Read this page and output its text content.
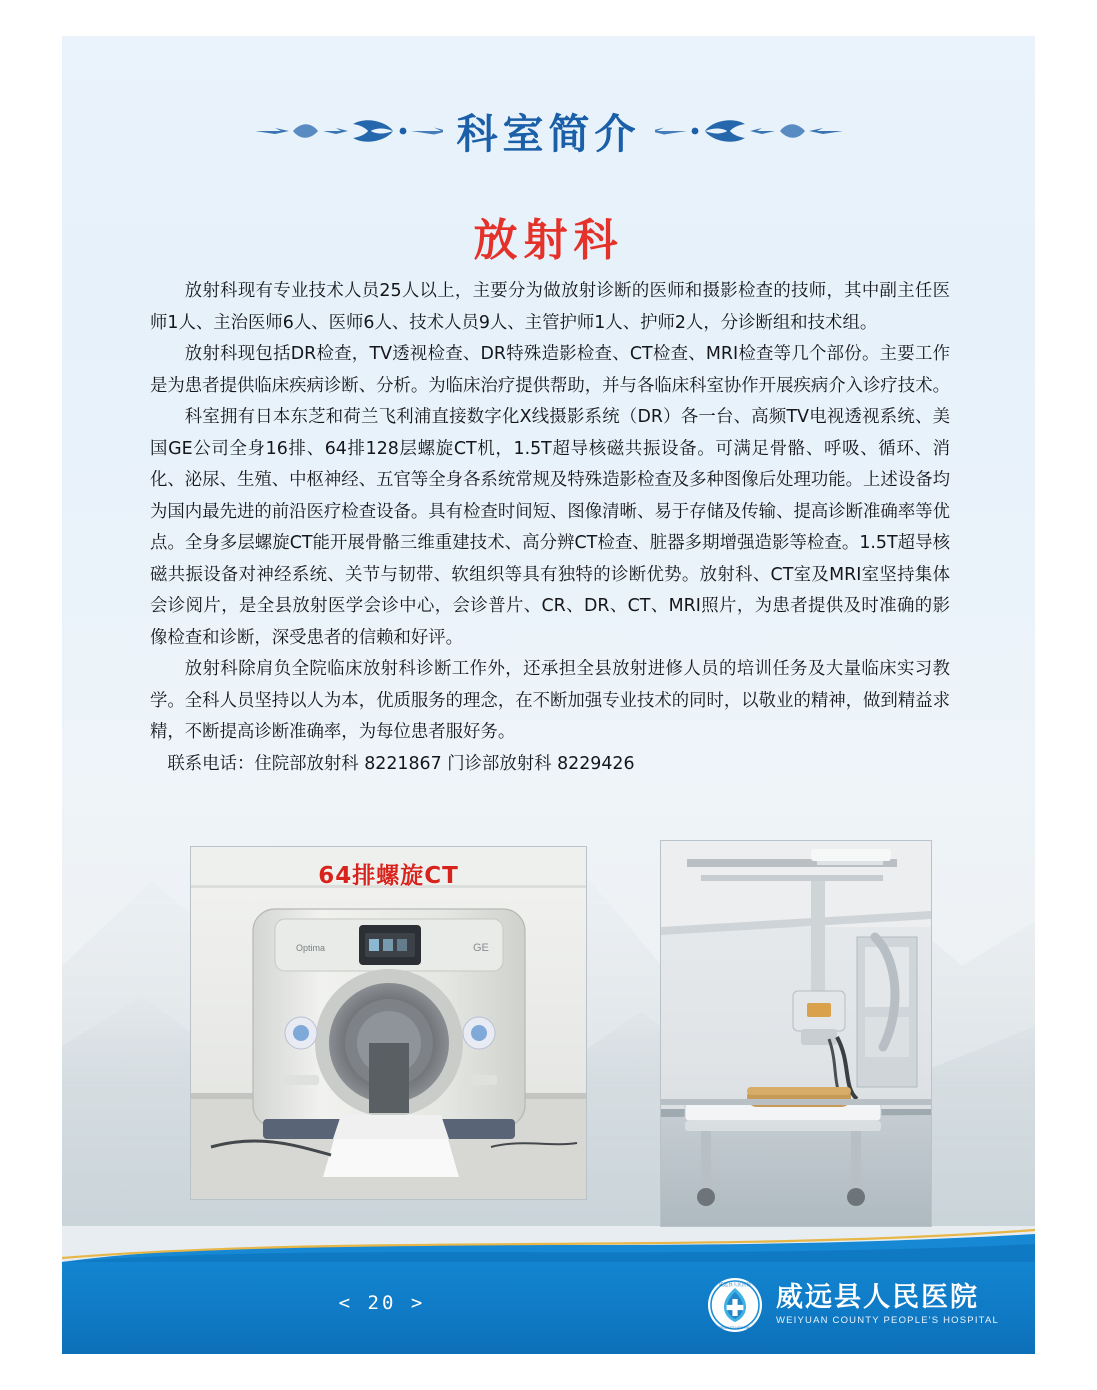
科室简介
放射科

放射科现有专业技术人员25人以上，主要分为做放射诊断的医师和摄影检查的技师，其中副主任医师1人、主治医师6人、医师6人、技术人员9人、主管护师1人、护师2人，分诊断组和技术组。

放射科现包括DR检查，TV透视检查、DR特殊造影检查、CT检查、MRI检查等几个部份。主要工作是为患者提供临床疾病诊断、分析。为临床治疗提供帮助，并与各临床科室协作开展疾病介入诊疗技术。

科室拥有日本东芝和荷兰飞利浦直接数字化X线摄影系统（DR）各一台、高频TV电视透视系统、美国GE公司全身16排、64排128层螺旋CT机，1.5T超导核磁共振设备。可满足骨骼、呼吸、循环、消化、泌尿、生殖、中枢神经、五官等全身各系统常规及特殊造影检查及多种图像后处理功能。上述设备均为国内最先进的前沿医疗检查设备。具有检查时间短、图像清晰、易于存储及传输、提高诊断准确率等优点。全身多层螺旋CT能开展骨骼三维重建技术、高分辨CT检查、脏器多期增强造影等检查。1.5T超导核磁共振设备对神经系统、关节与韧带、软组织等具有独特的诊断优势。放射科、CT室及MRI室坚持集体会诊阅片，是全县放射医学会诊中心，会诊普片、CR、DR、CT、MRI照片，为患者提供及时准确的影像检查和诊断，深受患者的信赖和好评。

放射科除肩负全院临床放射科诊断工作外，还承担全县放射进修人员的培训任务及大量临床实习教学。全科人员坚持以人为本，优质服务的理念，在不断加强专业技术的同时，以敬业的精神，做到精益求精，不断提高诊断准确率，为每位患者服好务。

联系电话：住院部放射科 8221867 门诊部放射科 8229426

64排螺旋CT
Optima	GE
< 20 >
威远县人民医院
PEOPLE'S HOSPITAL
威远县人民医院
WEIYUAN COUNTY PEOPLE'S HOSPITAL
